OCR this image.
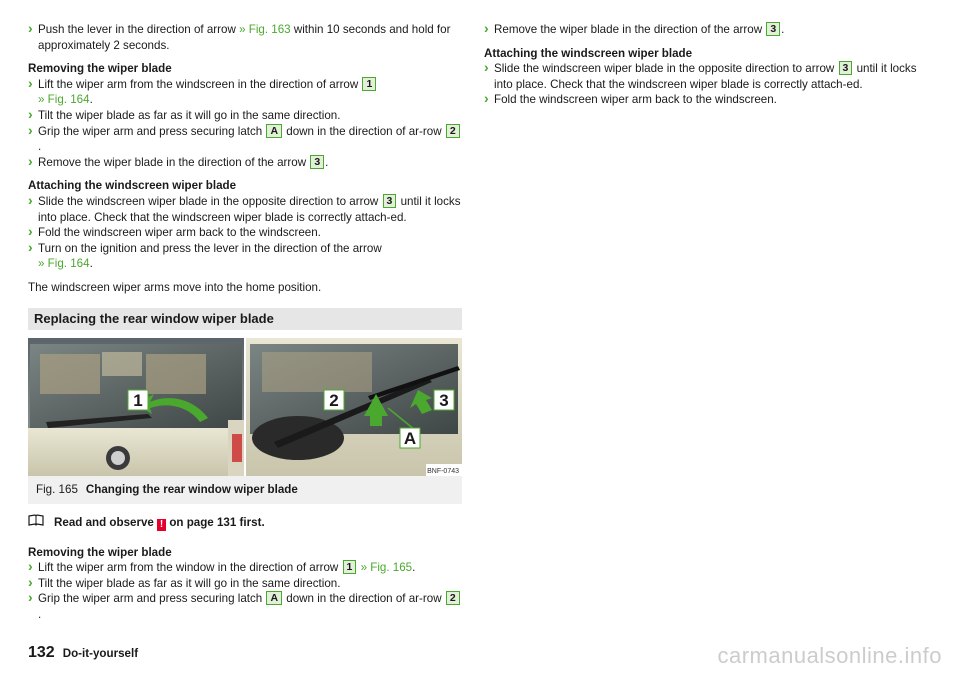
› Push the lever in the direction of arrow » Fig. 163 within 10 seconds and hold for approximately 2 seconds.

Removing the wiper blade

› Lift the wiper arm from the windscreen in the direction of arrow 1
» Fig. 164.

› Tilt the wiper blade as far as it will go in the same direction.

› Grip the wiper arm and press securing latch A down in the direction of ar-row 2.

› Remove the wiper blade in the direction of the arrow 3 .

Attaching the windscreen wiper blade

› Slide the windscreen wiper blade in the opposite direction to arrow 3 until it locks into place. Check that the windscreen wiper blade is correctly attach-ed.

› Fold the windscreen wiper arm back to the windscreen.

› Turn on the ignition and press the lever in the direction of the arrow
» Fig. 164.

The windscreen wiper arms move into the home position.

Replacing the rear window wiper blade
1	2	3
A
BNF-0743
Fig. 165 Changing the rear window wiper blade

Read and observe ! on page 131 first.

Removing the wiper blade

› Lift the wiper arm from the window in the direction of arrow 1 » Fig. 165.

› Tilt the wiper blade as far as it will go in the same direction.

› Grip the wiper arm and press securing latch A down in the direction of ar-row 2.

› Remove the wiper blade in the direction of the arrow 3 .

Attaching the windscreen wiper blade

› Slide the windscreen wiper blade in the opposite direction to arrow 3 until it locks into place. Check that the windscreen wiper blade is correctly attach-ed.

› Fold the windscreen wiper arm back to the windscreen.

132 Do-it-yourself	carmanualsonline.info
